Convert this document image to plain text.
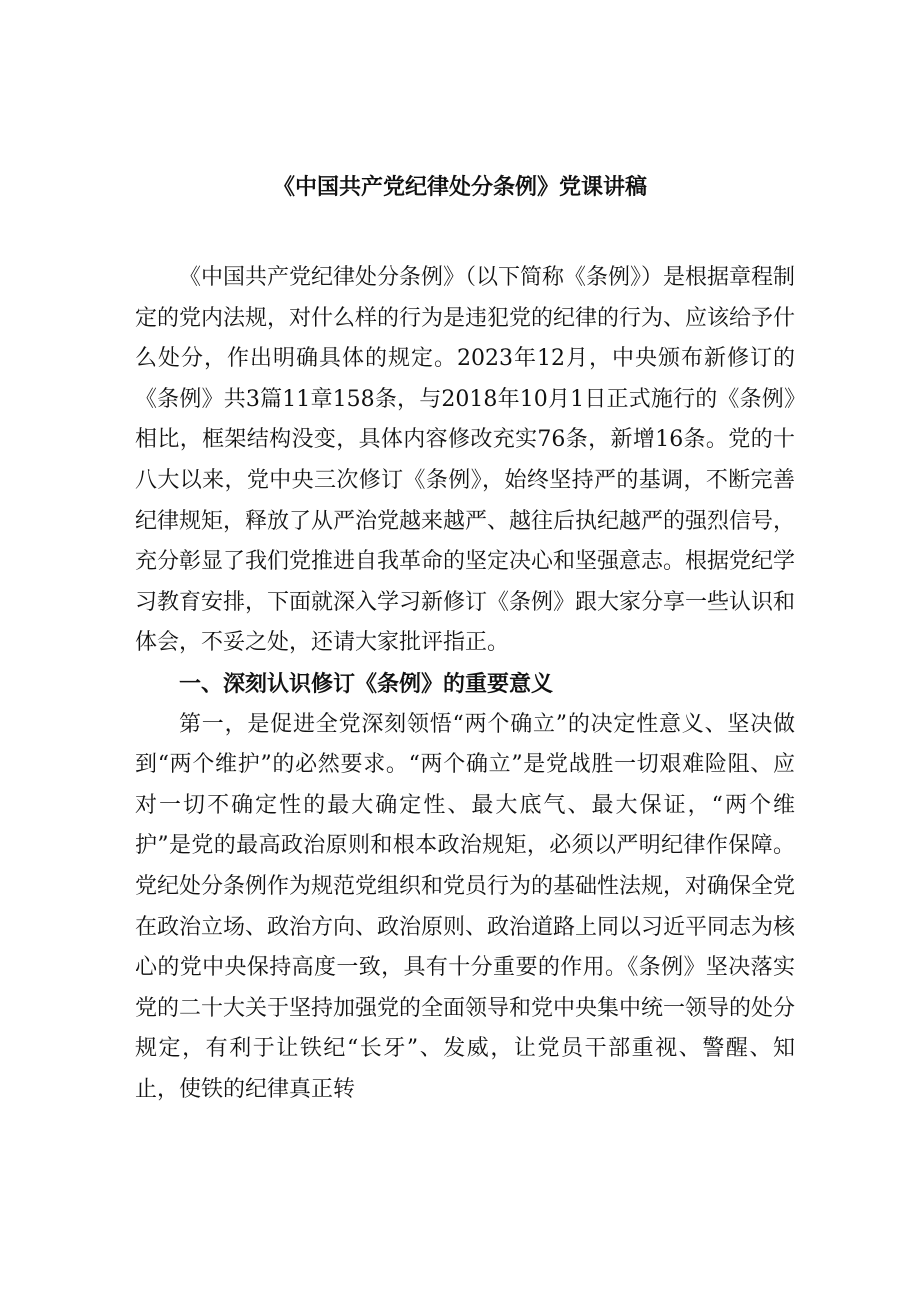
《中国共产党纪律处分条例》党课讲稿

《中国共产党纪律处分条例》（以下简称《条例》）是根据章程制定的党内法规，对什么样的行为是违犯党的纪律的行为、应该给予什么处分，作出明确具体的规定。2023年12月，中央颁布新修订的《条例》共3篇11章158条，与2018年10月1日正式施行的《条例》相比，框架结构没变，具体内容修改充实76条，新增16条。党的十八大以来，党中央三次修订《条例》，始终坚持严的基调，不断完善纪律规矩，释放了从严治党越来越严、越往后执纪越严的强烈信号，充分彰显了我们党推进自我革命的坚定决心和坚强意志。根据党纪学习教育安排，下面就深入学习新修订《条例》跟大家分享一些认识和体会，不妥之处，还请大家批评指正。

一、深刻认识修订《条例》的重要意义

第一，是促进全党深刻领悟“两个确立”的决定性意义、坚决做到“两个维护”的必然要求。“两个确立”是党战胜一切艰难险阻、应对一切不确定性的最大确定性、最大底气、最大保证，“两个维护”是党的最高政治原则和根本政治规矩，必须以严明纪律作保障。党纪处分条例作为规范党组织和党员行为的基础性法规，对确保全党在政治立场、政治方向、政治原则、政治道路上同以习近平同志为核心的党中央保持高度一致，具有十分重要的作用。《条例》坚决落实党的二十大关于坚持加强党的全面领导和党中央集中统一领导的处分规定，有利于让铁纪“长牙”、发威，让党员干部重视、警醒、知止，使铁的纪律真正转
